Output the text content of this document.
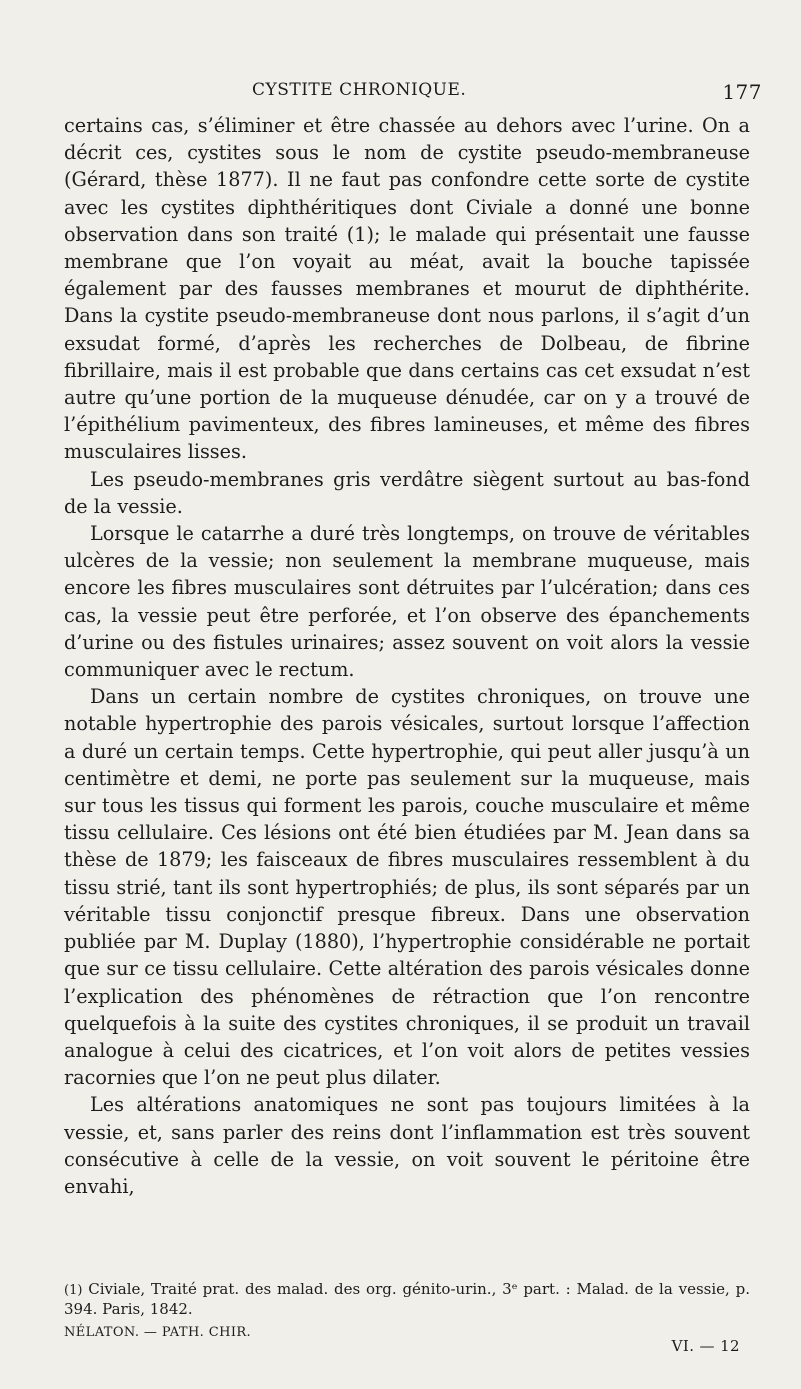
CYSTITE CHRONIQUE.	177

certains cas, s’éliminer et être chassée au dehors avec l’urine. On a décrit ces, cystites sous le nom de cystite pseudo-membraneuse (Gérard, thèse 1877). Il ne faut pas confondre cette sorte de cystite avec les cystites diphthéritiques dont Civiale a donné une bonne observation dans son traité (1); le malade qui présentait une fausse membrane que l’on voyait au méat, avait la bouche tapissée également par des fausses membranes et mourut de diphthérite. Dans la cystite pseudo-membraneuse dont nous parlons, il s’agit d’un exsudat formé, d’après les recherches de Dolbeau, de fibrine fibrillaire, mais il est probable que dans certains cas cet exsudat n’est autre qu’une portion de la muqueuse dénudée, car on y a trouvé de l’épithélium pavimenteux, des fibres lamineuses, et même des fibres musculaires lisses.

Les pseudo-membranes gris verdâtre siègent surtout au bas-fond de la vessie.

Lorsque le catarrhe a duré très longtemps, on trouve de véritables ulcères de la vessie; non seulement la membrane muqueuse, mais encore les fibres musculaires sont détruites par l’ulcération; dans ces cas, la vessie peut être perforée, et l’on observe des épanchements d’urine ou des fistules urinaires; assez souvent on voit alors la vessie communiquer avec le rectum.

Dans un certain nombre de cystites chroniques, on trouve une notable hypertrophie des parois vésicales, surtout lorsque l’affection a duré un certain temps. Cette hypertrophie, qui peut aller jusqu’à un centimètre et demi, ne porte pas seulement sur la muqueuse, mais sur tous les tissus qui forment les parois, couche musculaire et même tissu cellulaire. Ces lésions ont été bien étudiées par M. Jean dans sa thèse de 1879; les faisceaux de fibres musculaires ressemblent à du tissu strié, tant ils sont hypertrophiés; de plus, ils sont séparés par un véritable tissu conjonctif presque fibreux. Dans une observation publiée par M. Duplay (1880), l’hypertrophie considérable ne portait que sur ce tissu cellulaire. Cette altération des parois vésicales donne l’explication des phénomènes de rétraction que l’on rencontre quelquefois à la suite des cystites chroniques, il se produit un travail analogue à celui des cicatrices, et l’on voit alors de petites vessies racornies que l’on ne peut plus dilater.

Les altérations anatomiques ne sont pas toujours limitées à la vessie, et, sans parler des reins dont l’inflammation est très souvent consécutive à celle de la vessie, on voit souvent le péritoine être envahi,

(1) Civiale, Traité prat. des malad. des org. génito-urin., 3ᵉ part. : Malad. de la vessie, p. 394. Paris, 1842.
NÉLATON. — PATH. CHIR.
VI. — 12
